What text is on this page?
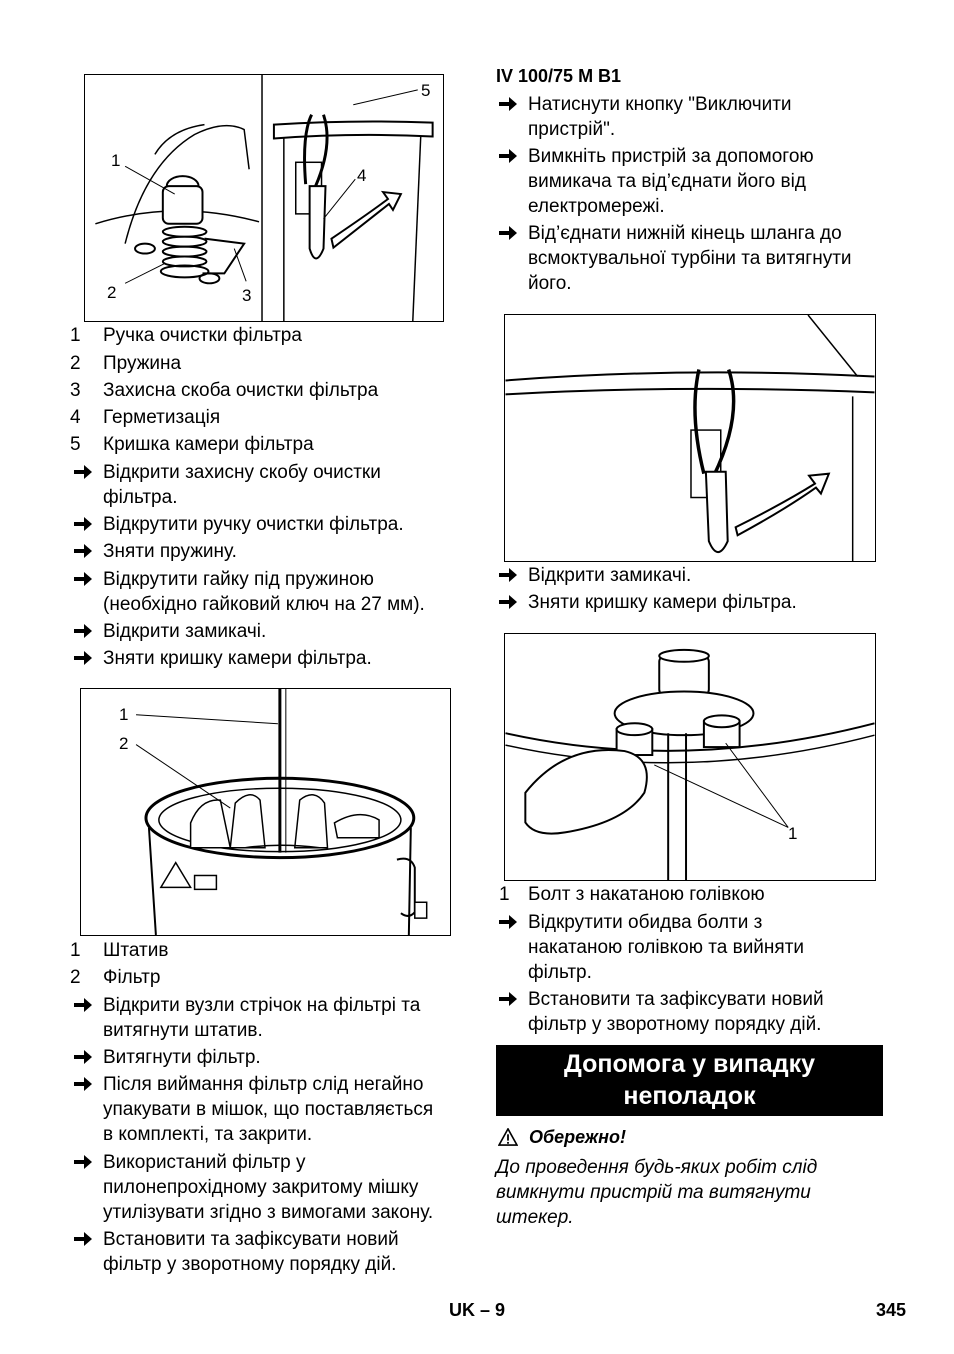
1
2	3
4
5
1 Ручка очистки фільтра
2 Пружина
3 Захисна скоба очистки фільтра
4 Герметизація
5 Кришка камери фільтра
Відкрити захисну скобу очистки
фільтра.
Відкрутити ручку очистки фільтра.
Зняти пружину.
Відкрутити гайку під пружиною
(необхідно гайковий ключ на 27 мм).
Відкрити замикачі.
Зняти кришку камери фільтра.
1
2
1 Штатив
2 Фільтр
Відкрити вузли стрічок на фільтрі та
витягнути штатив.
Витягнути фільтр.
Після виймання фільтр слід негайно
упакувати в мішок, що поставляється
в комплекті, та закрити.
Використаний фільтр у
пилонепрохідному закритому мішку
утилізувати згідно з вимогами закону.
Встановити та зафіксувати новий
фільтр у зворотному порядку дій.
IV 100/75 M B1
Натиснути кнопку "Виключити
пристрій".
Вимкніть пристрій за допомогою
вимикача та від’єднати його від
електромережі.
Від’єднати нижній кінець шланга до
всмоктувальної турбіни та витягнути
його.
Відкрити замикачі.
Зняти кришку камери фільтра.
1
1 Болт з накатаною голівкою
Відкрутити обидва болти з
накатаною голівкою та вийняти
фільтр.
Встановити та зафіксувати новий
фільтр у зворотному порядку дій.
Допомога у випадку
неполадок
Обережно!
До проведення будь-яких робіт слід
вимкнути пристрій та витягнути
штекер.
UK – 9	345
